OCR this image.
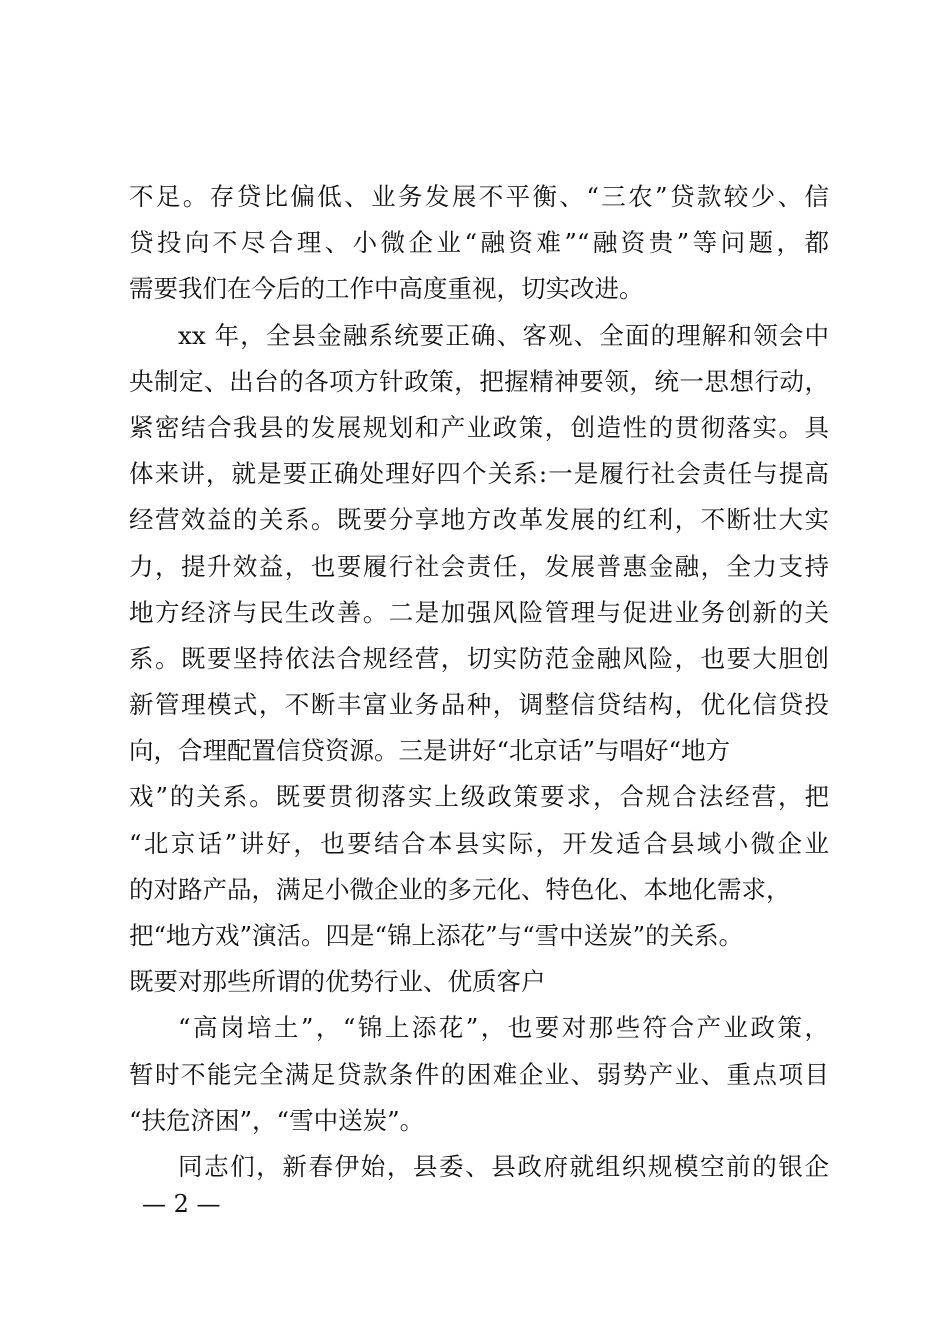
不足。存贷比偏低、业务发展不平衡、“三农”贷款较少、信
贷投向不尽合理、小微企业“融资难”“融资贵”等问题，都
需要我们在今后的工作中高度重视，切实改进。
xx 年，全县金融系统要正确、客观、全面的理解和领会中
央制定、出台的各项方针政策，把握精神要领，统一思想行动，
紧密结合我县的发展规划和产业政策，创造性的贯彻落实。具
体来讲，就是要正确处理好四个关系:一是履行社会责任与提高
经营效益的关系。既要分享地方改革发展的红利，不断壮大实
力，提升效益，也要履行社会责任，发展普惠金融，全力支持
地方经济与民生改善。二是加强风险管理与促进业务创新的关
系。既要坚持依法合规经营，切实防范金融风险，也要大胆创
新管理模式，不断丰富业务品种，调整信贷结构，优化信贷投
向，合理配置信贷资源。三是讲好“北京话”与唱好“地方
戏”的关系。既要贯彻落实上级政策要求，合规合法经营，把
“北京话”讲好，也要结合本县实际，开发适合县域小微企业
的对路产品，满足小微企业的多元化、特色化、本地化需求，
把“地方戏”演活。四是“锦上添花”与“雪中送炭”的关系。
既要对那些所谓的优势行业、优质客户
“高岗培土”，“锦上添花”，也要对那些符合产业政策，
暂时不能完全满足贷款条件的困难企业、弱势产业、重点项目
“扶危济困”，“雪中送炭”。
同志们，新春伊始，县委、县政府就组织规模空前的银企
— 2 —
